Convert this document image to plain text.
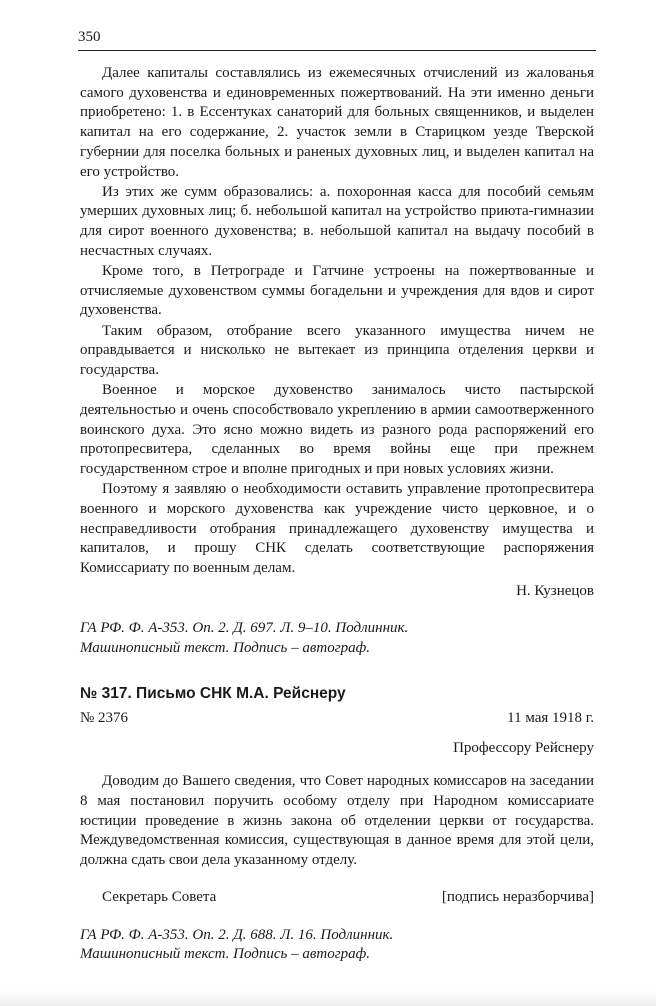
350

Далее капиталы составлялись из ежемесячных отчислений из жалованья самого духовенства и единовременных пожертвований. На эти именно деньги приобретено: 1. в Ессентуках санаторий для больных священников, и выделен капитал на его содержание, 2. участок земли в Старицком уезде Тверской губернии для поселка больных и раненых духовных лиц, и выделен капитал на его устройство.

Из этих же сумм образовались: а. похоронная касса для пособий семьям умерших духовных лиц; б. небольшой капитал на устройство приюта-гимназии для сирот военного духовенства; в. небольшой капитал на выдачу пособий в несчастных случаях.

Кроме того, в Петрограде и Гатчине устроены на пожертвованные и отчисляемые духовенством суммы богадельни и учреждения для вдов и сирот духовенства.

Таким образом, отобрание всего указанного имущества ничем не оправдывается и нисколько не вытекает из принципа отделения церкви и государства.

Военное и морское духовенство занималось чисто пастырской деятельностью и очень способствовало укреплению в армии самоотверженного воинского духа. Это ясно можно видеть из разного рода распоряжений его протопресвитера, сделанных во время войны еще при прежнем государственном строе и вполне пригодных и при новых условиях жизни.

Поэтому я заявляю о необходимости оставить управление протопресвитера военного и морского духовенства как учреждение чисто церковное, и о несправедливости отобрания принадлежащего духовенству имущества и капиталов, и прошу СНК сделать соответствующие распоряжения Комиссариату по военным делам.

Н. Кузнецов

ГА РФ. Ф. А-353. Оп. 2. Д. 697. Л. 9–10. Подлинник.
Машинописный текст. Подпись – автограф.

№ 317. Письмо СНК М.А. Рейснеру
№ 2376	11 мая 1918 г.

Профессору Рейснеру

Доводим до Вашего сведения, что Совет народных комиссаров на заседании 8 мая постановил поручить особому отделу при Народном комиссариате юстиции проведение в жизнь закона об отделении церкви от государства. Междуведомственная комиссия, существующая в данное время для этой цели, должна сдать свои дела указанному отделу.

Секретарь Совета	[подпись неразборчива]

ГА РФ. Ф. А-353. Оп. 2. Д. 688. Л. 16. Подлинник.
Машинописный текст. Подпись – автограф.
